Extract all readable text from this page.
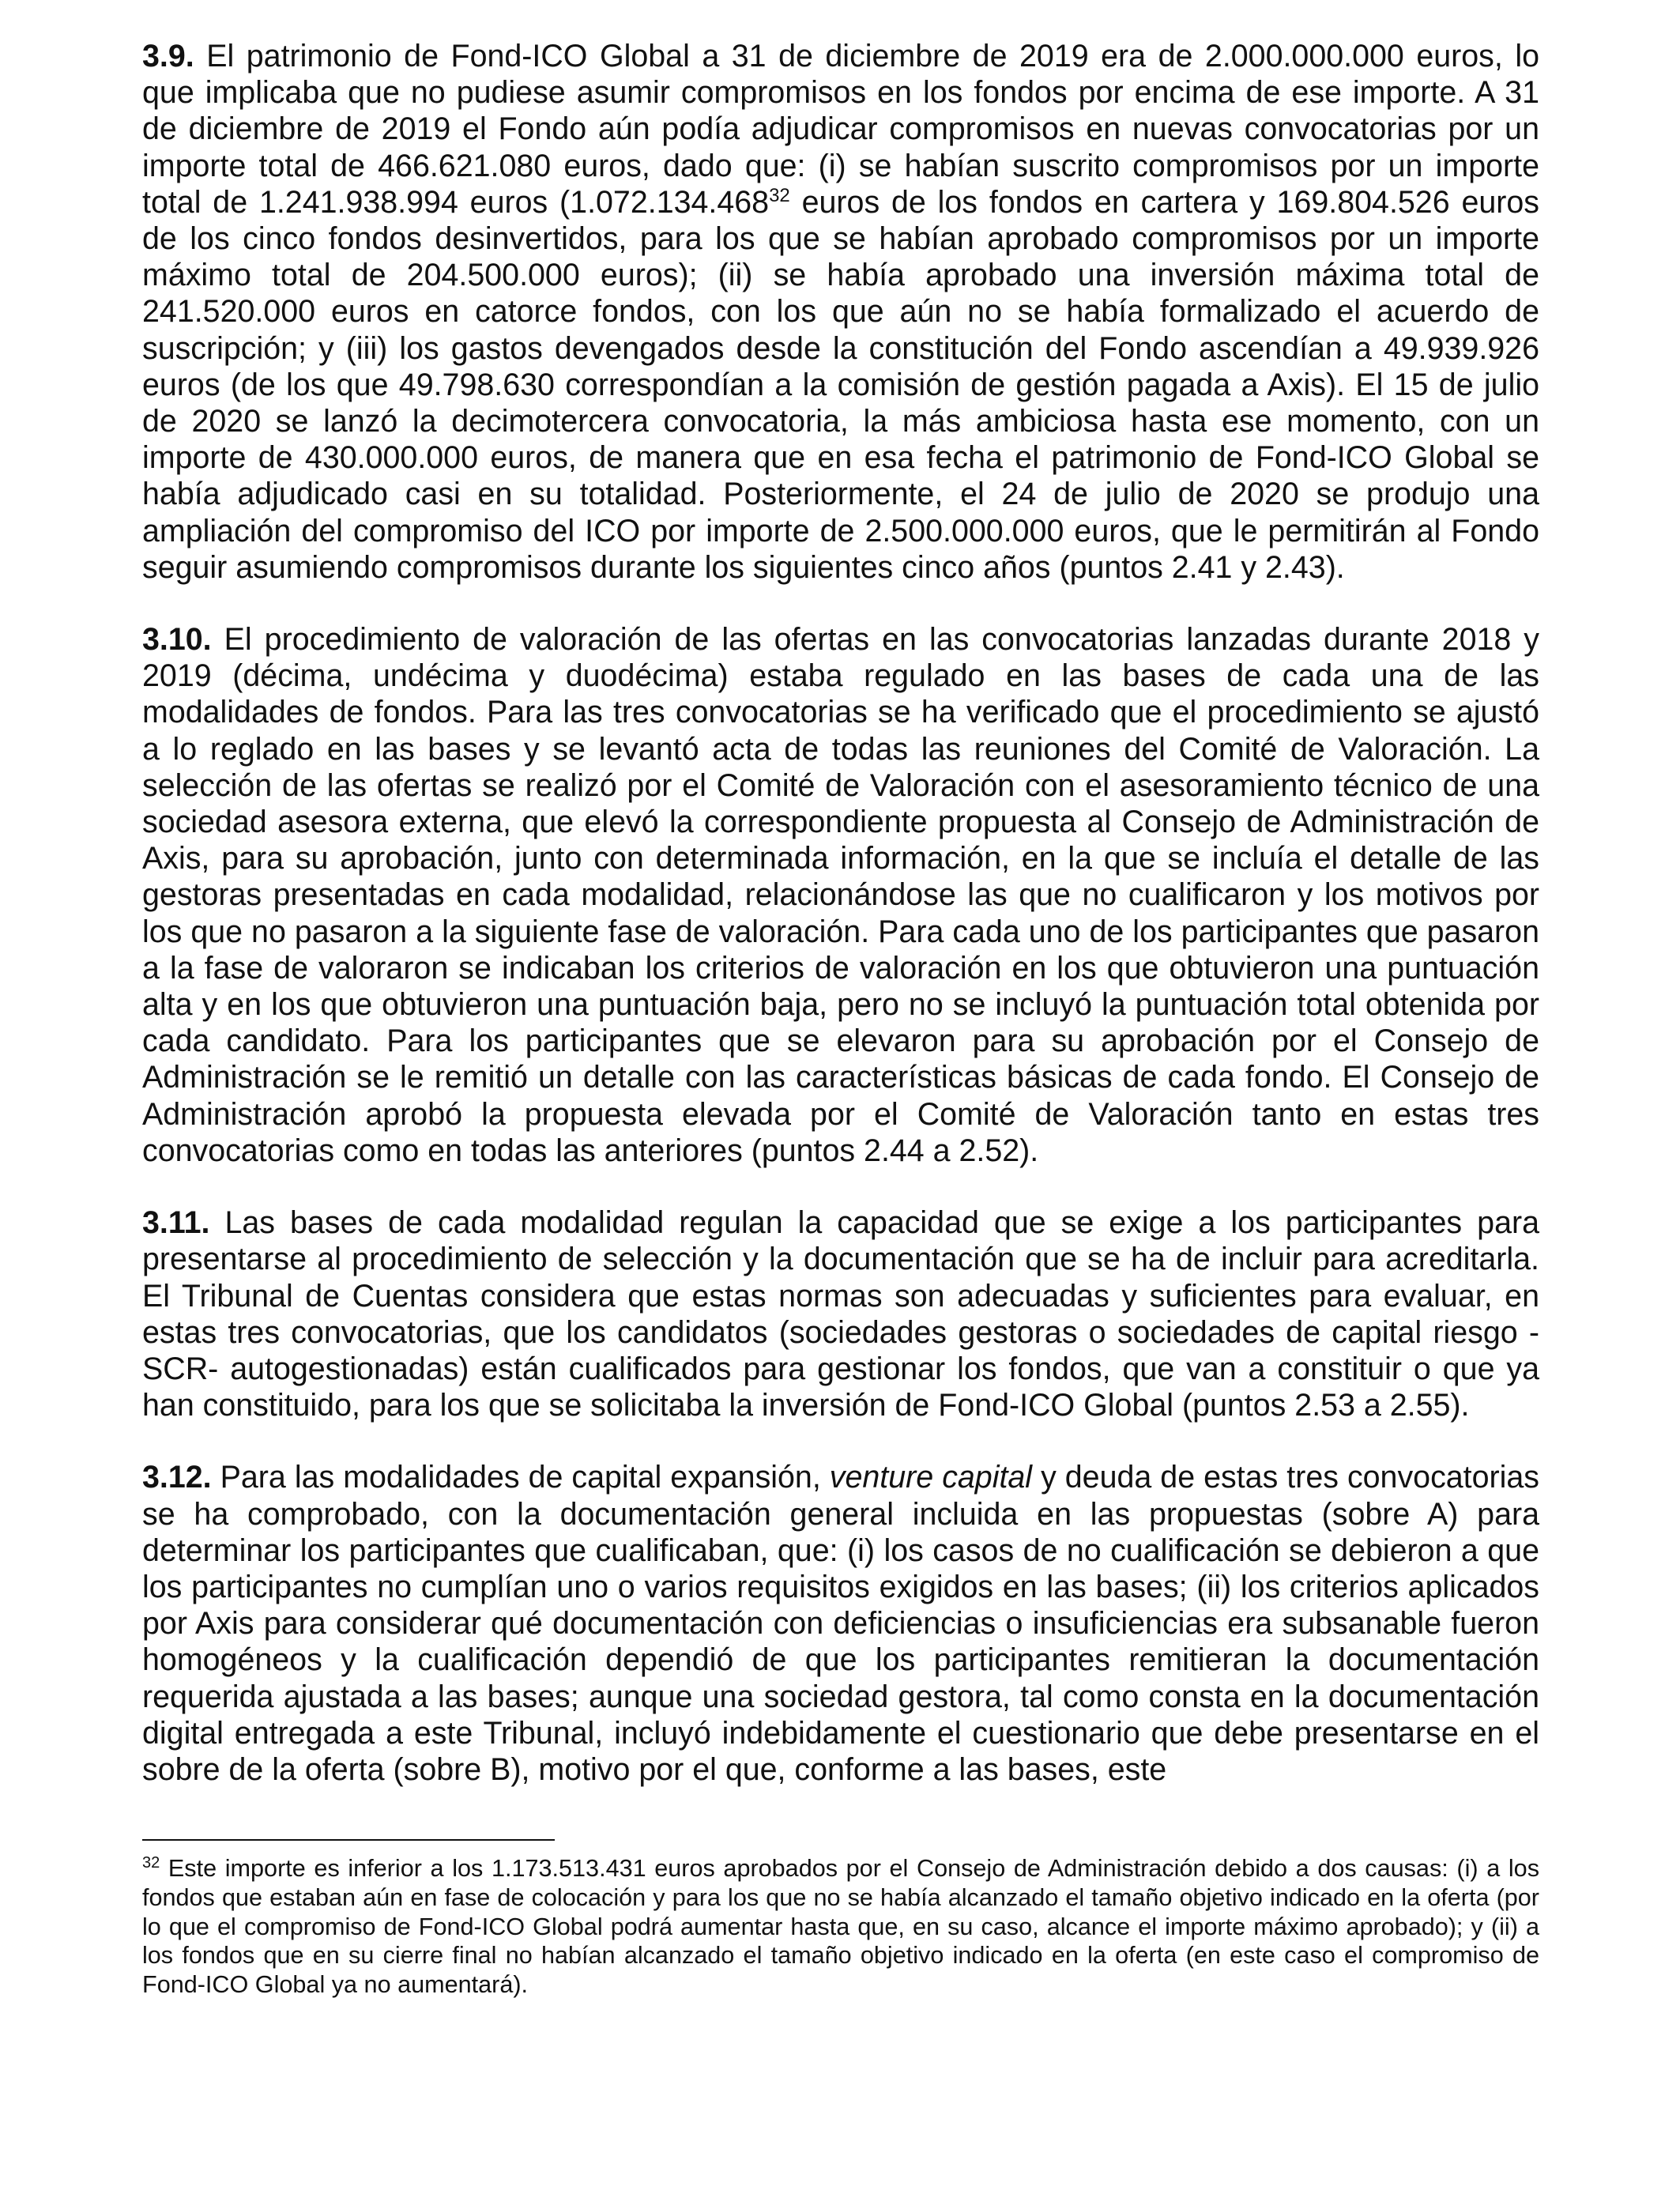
3.9. El patrimonio de Fond-ICO Global a 31 de diciembre de 2019 era de 2.000.000.000 euros, lo que implicaba que no pudiese asumir compromisos en los fondos por encima de ese importe. A 31 de diciembre de 2019 el Fondo aún podía adjudicar compromisos en nuevas convocatorias por un importe total de 466.621.080 euros, dado que: (i) se habían suscrito compromisos por un importe total de 1.241.938.994 euros (1.072.134.468$^{32}$ euros de los fondos en cartera y 169.804.526 euros de los cinco fondos desinvertidos, para los que se habían aprobado compromisos por un importe máximo total de 204.500.000 euros); (ii) se había aprobado una inversión máxima total de 241.520.000 euros en catorce fondos, con los que aún no se había formalizado el acuerdo de suscripción; y (iii) los gastos devengados desde la constitución del Fondo ascendían a 49.939.926 euros (de los que 49.798.630 correspondían a la comisión de gestión pagada a Axis). El 15 de julio de 2020 se lanzó la decimotercera convocatoria, la más ambiciosa hasta ese momento, con un importe de 430.000.000 euros, de manera que en esa fecha el patrimonio de Fond-ICO Global se había adjudicado casi en su totalidad. Posteriormente, el 24 de julio de 2020 se produjo una ampliación del compromiso del ICO por importe de 2.500.000.000 euros, que le permitirán al Fondo seguir asumiendo compromisos durante los siguientes cinco años (puntos 2.41 y 2.43).

3.10. El procedimiento de valoración de las ofertas en las convocatorias lanzadas durante 2018 y 2019 (décima, undécima y duodécima) estaba regulado en las bases de cada una de las modalidades de fondos. Para las tres convocatorias se ha verificado que el procedimiento se ajustó a lo reglado en las bases y se levantó acta de todas las reuniones del Comité de Valoración. La selección de las ofertas se realizó por el Comité de Valoración con el asesoramiento técnico de una sociedad asesora externa, que elevó la correspondiente propuesta al Consejo de Administración de Axis, para su aprobación, junto con determinada información, en la que se incluía el detalle de las gestoras presentadas en cada modalidad, relacionándose las que no cualificaron y los motivos por los que no pasaron a la siguiente fase de valoración. Para cada uno de los participantes que pasaron a la fase de valoraron se indicaban los criterios de valoración en los que obtuvieron una puntuación alta y en los que obtuvieron una puntuación baja, pero no se incluyó la puntuación total obtenida por cada candidato. Para los participantes que se elevaron para su aprobación por el Consejo de Administración se le remitió un detalle con las características básicas de cada fondo. El Consejo de Administración aprobó la propuesta elevada por el Comité de Valoración tanto en estas tres convocatorias como en todas las anteriores (puntos 2.44 a 2.52).

3.11. Las bases de cada modalidad regulan la capacidad que se exige a los participantes para presentarse al procedimiento de selección y la documentación que se ha de incluir para acreditarla. El Tribunal de Cuentas considera que estas normas son adecuadas y suficientes para evaluar, en estas tres convocatorias, que los candidatos (sociedades gestoras o sociedades de capital riesgo - SCR- autogestionadas) están cualificados para gestionar los fondos, que van a constituir o que ya han constituido, para los que se solicitaba la inversión de Fond-ICO Global (puntos 2.53 a 2.55).

3.12. Para las modalidades de capital expansión, venture capital y deuda de estas tres convocatorias se ha comprobado, con la documentación general incluida en las propuestas (sobre A) para determinar los participantes que cualificaban, que: (i) los casos de no cualificación se debieron a que los participantes no cumplían uno o varios requisitos exigidos en las bases; (ii) los criterios aplicados por Axis para considerar qué documentación con deficiencias o insuficiencias era subsanable fueron homogéneos y la cualificación dependió de que los participantes remitieran la documentación requerida ajustada a las bases; aunque una sociedad gestora, tal como consta en la documentación digital entregada a este Tribunal, incluyó indebidamente el cuestionario que debe presentarse en el sobre de la oferta (sobre B), motivo por el que, conforme a las bases, este

$^{32}$ Este importe es inferior a los 1.173.513.431 euros aprobados por el Consejo de Administración debido a dos causas: (i) a los fondos que estaban aún en fase de colocación y para los que no se había alcanzado el tamaño objetivo indicado en la oferta (por lo que el compromiso de Fond-ICO Global podrá aumentar hasta que, en su caso, alcance el importe máximo aprobado); y (ii) a los fondos que en su cierre final no habían alcanzado el tamaño objetivo indicado en la oferta (en este caso el compromiso de Fond-ICO Global ya no aumentará).
